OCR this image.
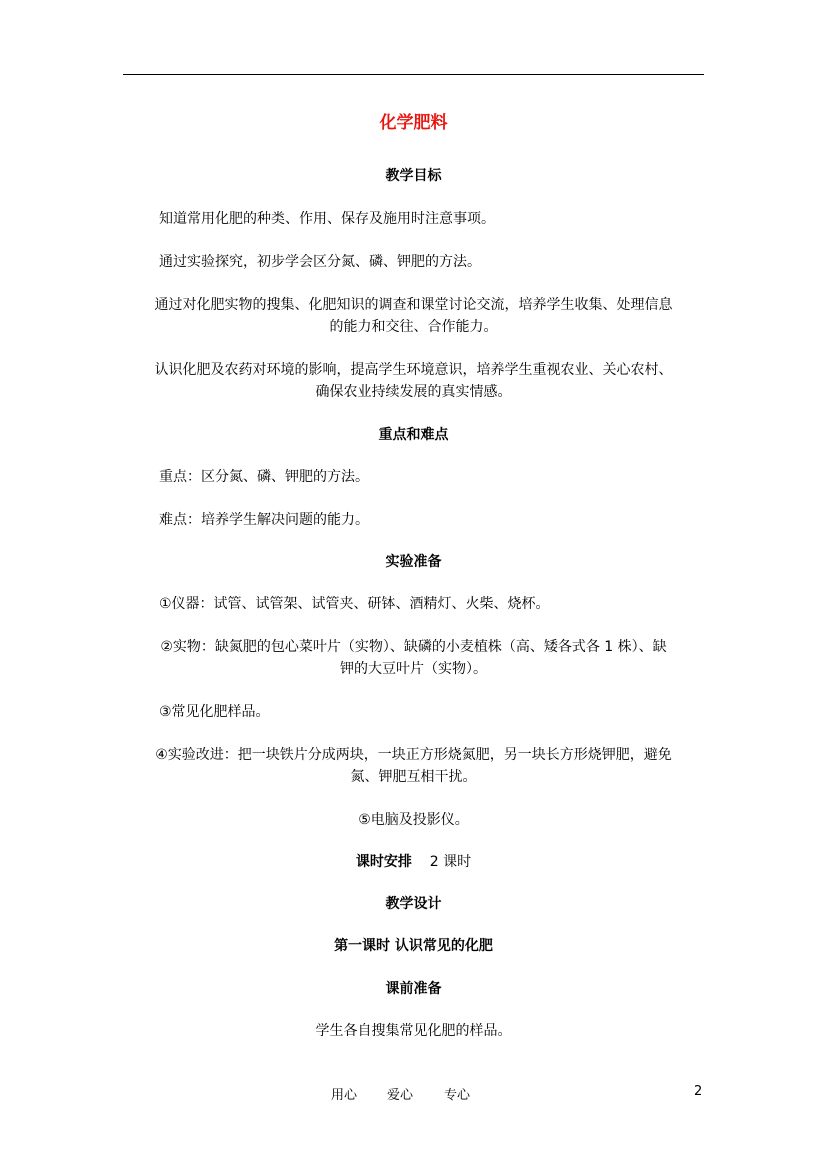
化学肥料
教学目标
知道常用化肥的种类、作用、保存及施用时注意事项。
通过实验探究，初步学会区分氮、磷、钾肥的方法。
通过对化肥实物的搜集、化肥知识的调查和课堂讨论交流，培养学生收集、处理信息
的能力和交往、合作能力。
认识化肥及农药对环境的影响，提高学生环境意识，培养学生重视农业、关心农村、
确保农业持续发展的真实情感。
重点和难点
重点：区分氮、磷、钾肥的方法。
难点：培养学生解决问题的能力。
实验准备
①仪器：试管、试管架、试管夹、研钵、酒精灯、火柴、烧杯。
②实物：缺氮肥的包心菜叶片（实物）、缺磷的小麦植株（高、矮各式各 1 株）、缺
钾的大豆叶片（实物）。
③常见化肥样品。
④实验改进：把一块铁片分成两块，一块正方形烧氮肥，另一块长方形烧钾肥，避免
氮、钾肥互相干扰。
⑤电脑及投影仪。
课时安排 2 课时
教学设计
第一课时 认识常见的化肥
课前准备
学生各自搜集常见化肥的样品。
用心 爱心 专心	2
